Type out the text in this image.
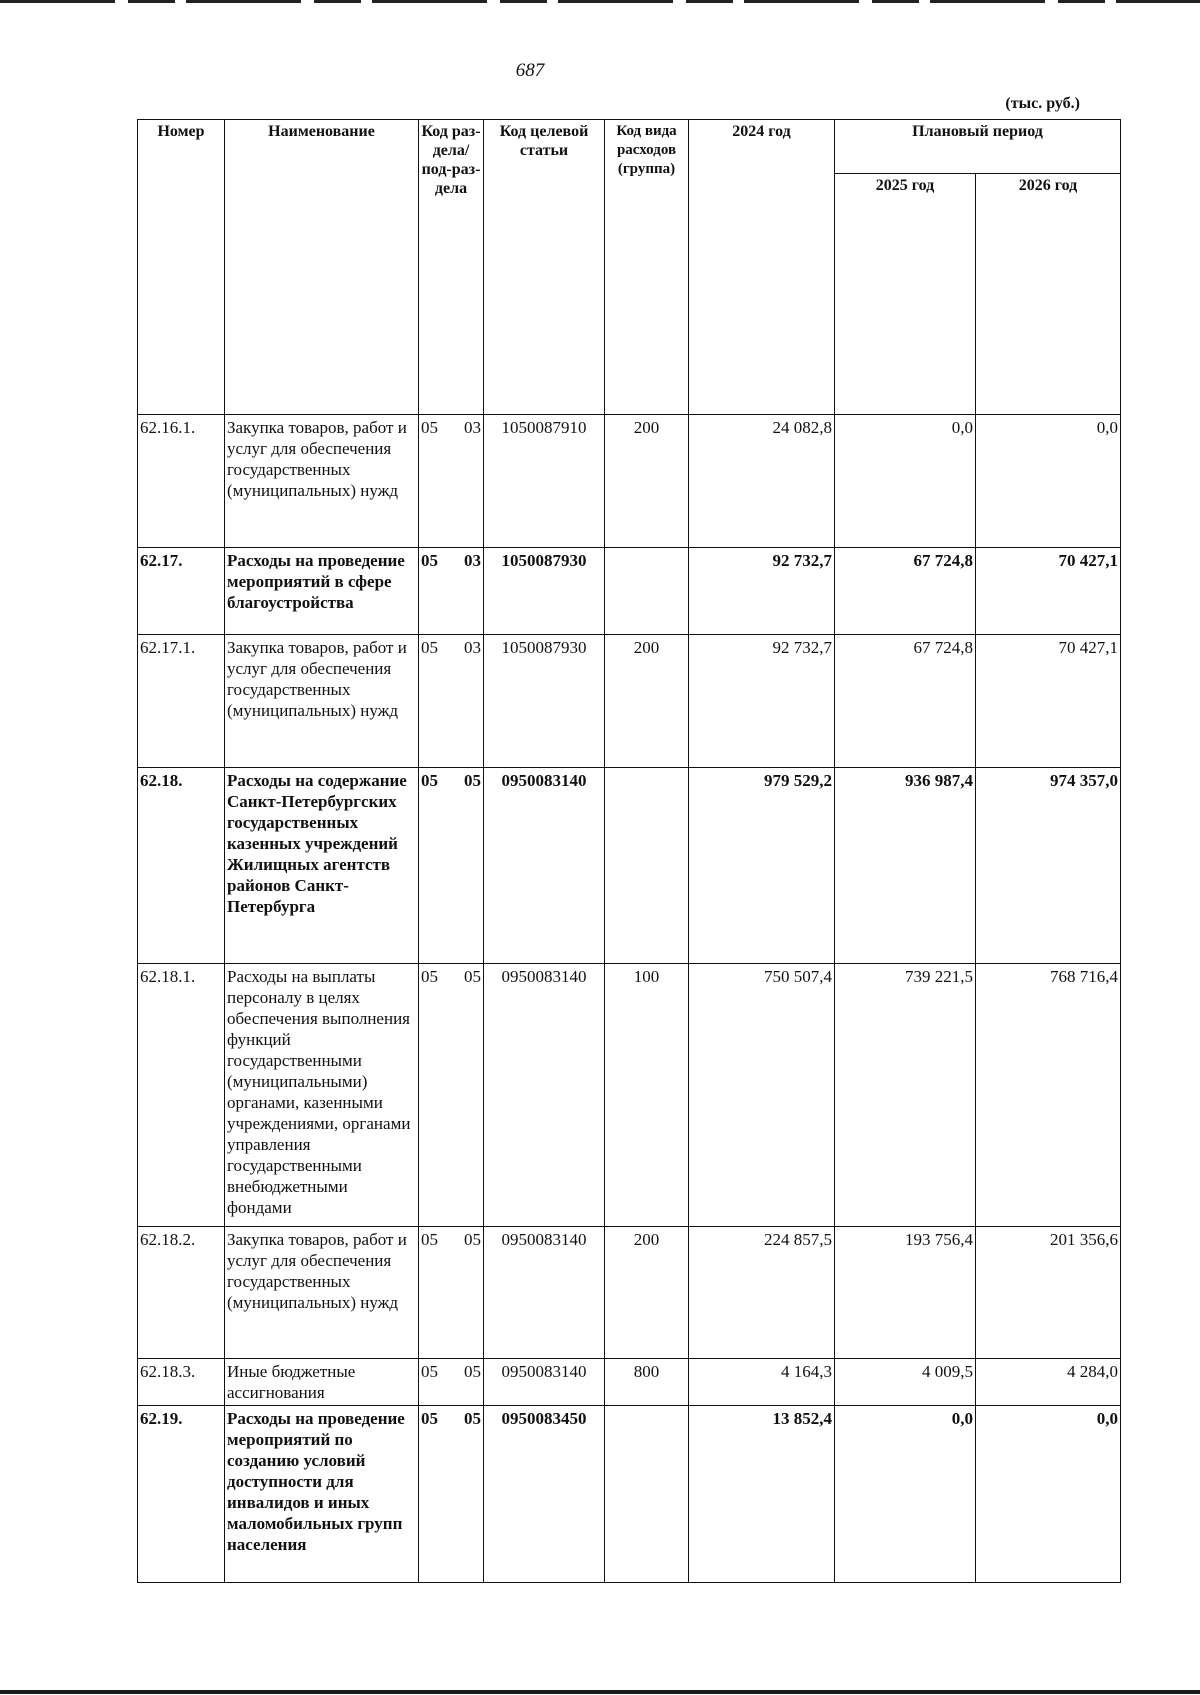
687
(тыс. руб.)
Номер	Наименование	Код раз-дела/ под-раз-дела	Код целевой статьи	Код вида расходов (группа)	2024 год	Плановый период	
						2025 год	2026 год
62.16.1.	Закупка товаров, работ и услуг для обеспечения государственных (муниципальных) нужд	05 03	1050087910	200	24 082,8	0,0	0,0
62.17.	Расходы на проведение мероприятий в сфере благоустройства	05 03	1050087930		92 732,7	67 724,8	70 427,1
62.17.1.	Закупка товаров, работ и услуг для обеспечения государственных (муниципальных) нужд	05 03	1050087930	200	92 732,7	67 724,8	70 427,1
62.18.	Расходы на содержание Санкт-Петербургских государственных казенных учреждений Жилищных агентств районов Санкт-Петербурга	05 05	0950083140		979 529,2	936 987,4	974 357,0
62.18.1.	Расходы на выплаты персоналу в целях обеспечения выполнения функций государственными (муниципальными) органами, казенными учреждениями, органами управления государственными внебюджетными фондами	05 05	0950083140	100	750 507,4	739 221,5	768 716,4
62.18.2.	Закупка товаров, работ и услуг для обеспечения государственных (муниципальных) нужд	05 05	0950083140	200	224 857,5	193 756,4	201 356,6
62.18.3.	Иные бюджетные ассигнования	05 05	0950083140	800	4 164,3	4 009,5	4 284,0
62.19.	Расходы на проведение мероприятий по созданию условий доступности для инвалидов и иных маломобильных групп населения	05 05	0950083450		13 852,4	0,0	0,0
